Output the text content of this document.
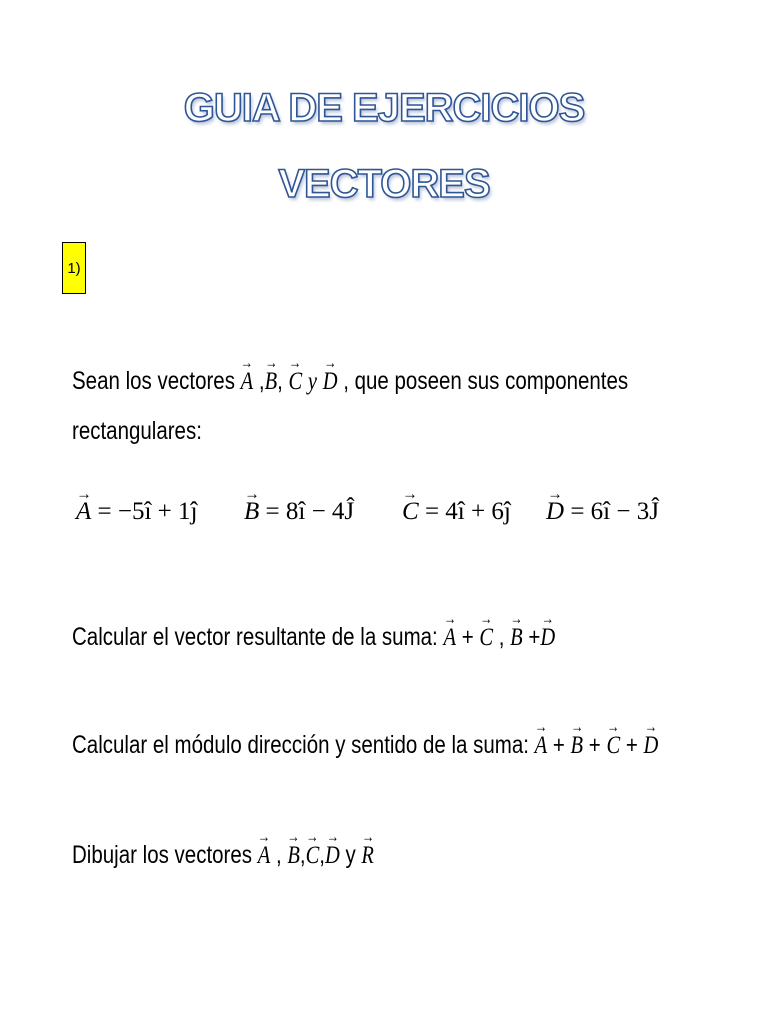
GUIA DE EJERCICIOS
VECTORES
1)
Sean los vectores → A ,→ B, → C y → D , que poseen sus componentes
rectangulares:
→ A = −5î + 1ĵ → B = 8î − 4Ĵ → C = 4î + 6ĵ → D = 6î − 3Ĵ
Calcular el vector resultante de la suma: → A + → C , → B +→ D
Calcular el módulo dirección y sentido de la suma: → A + → B + → C + → D
Dibujar los vectores → A , → B,→ C,→ D y → R
